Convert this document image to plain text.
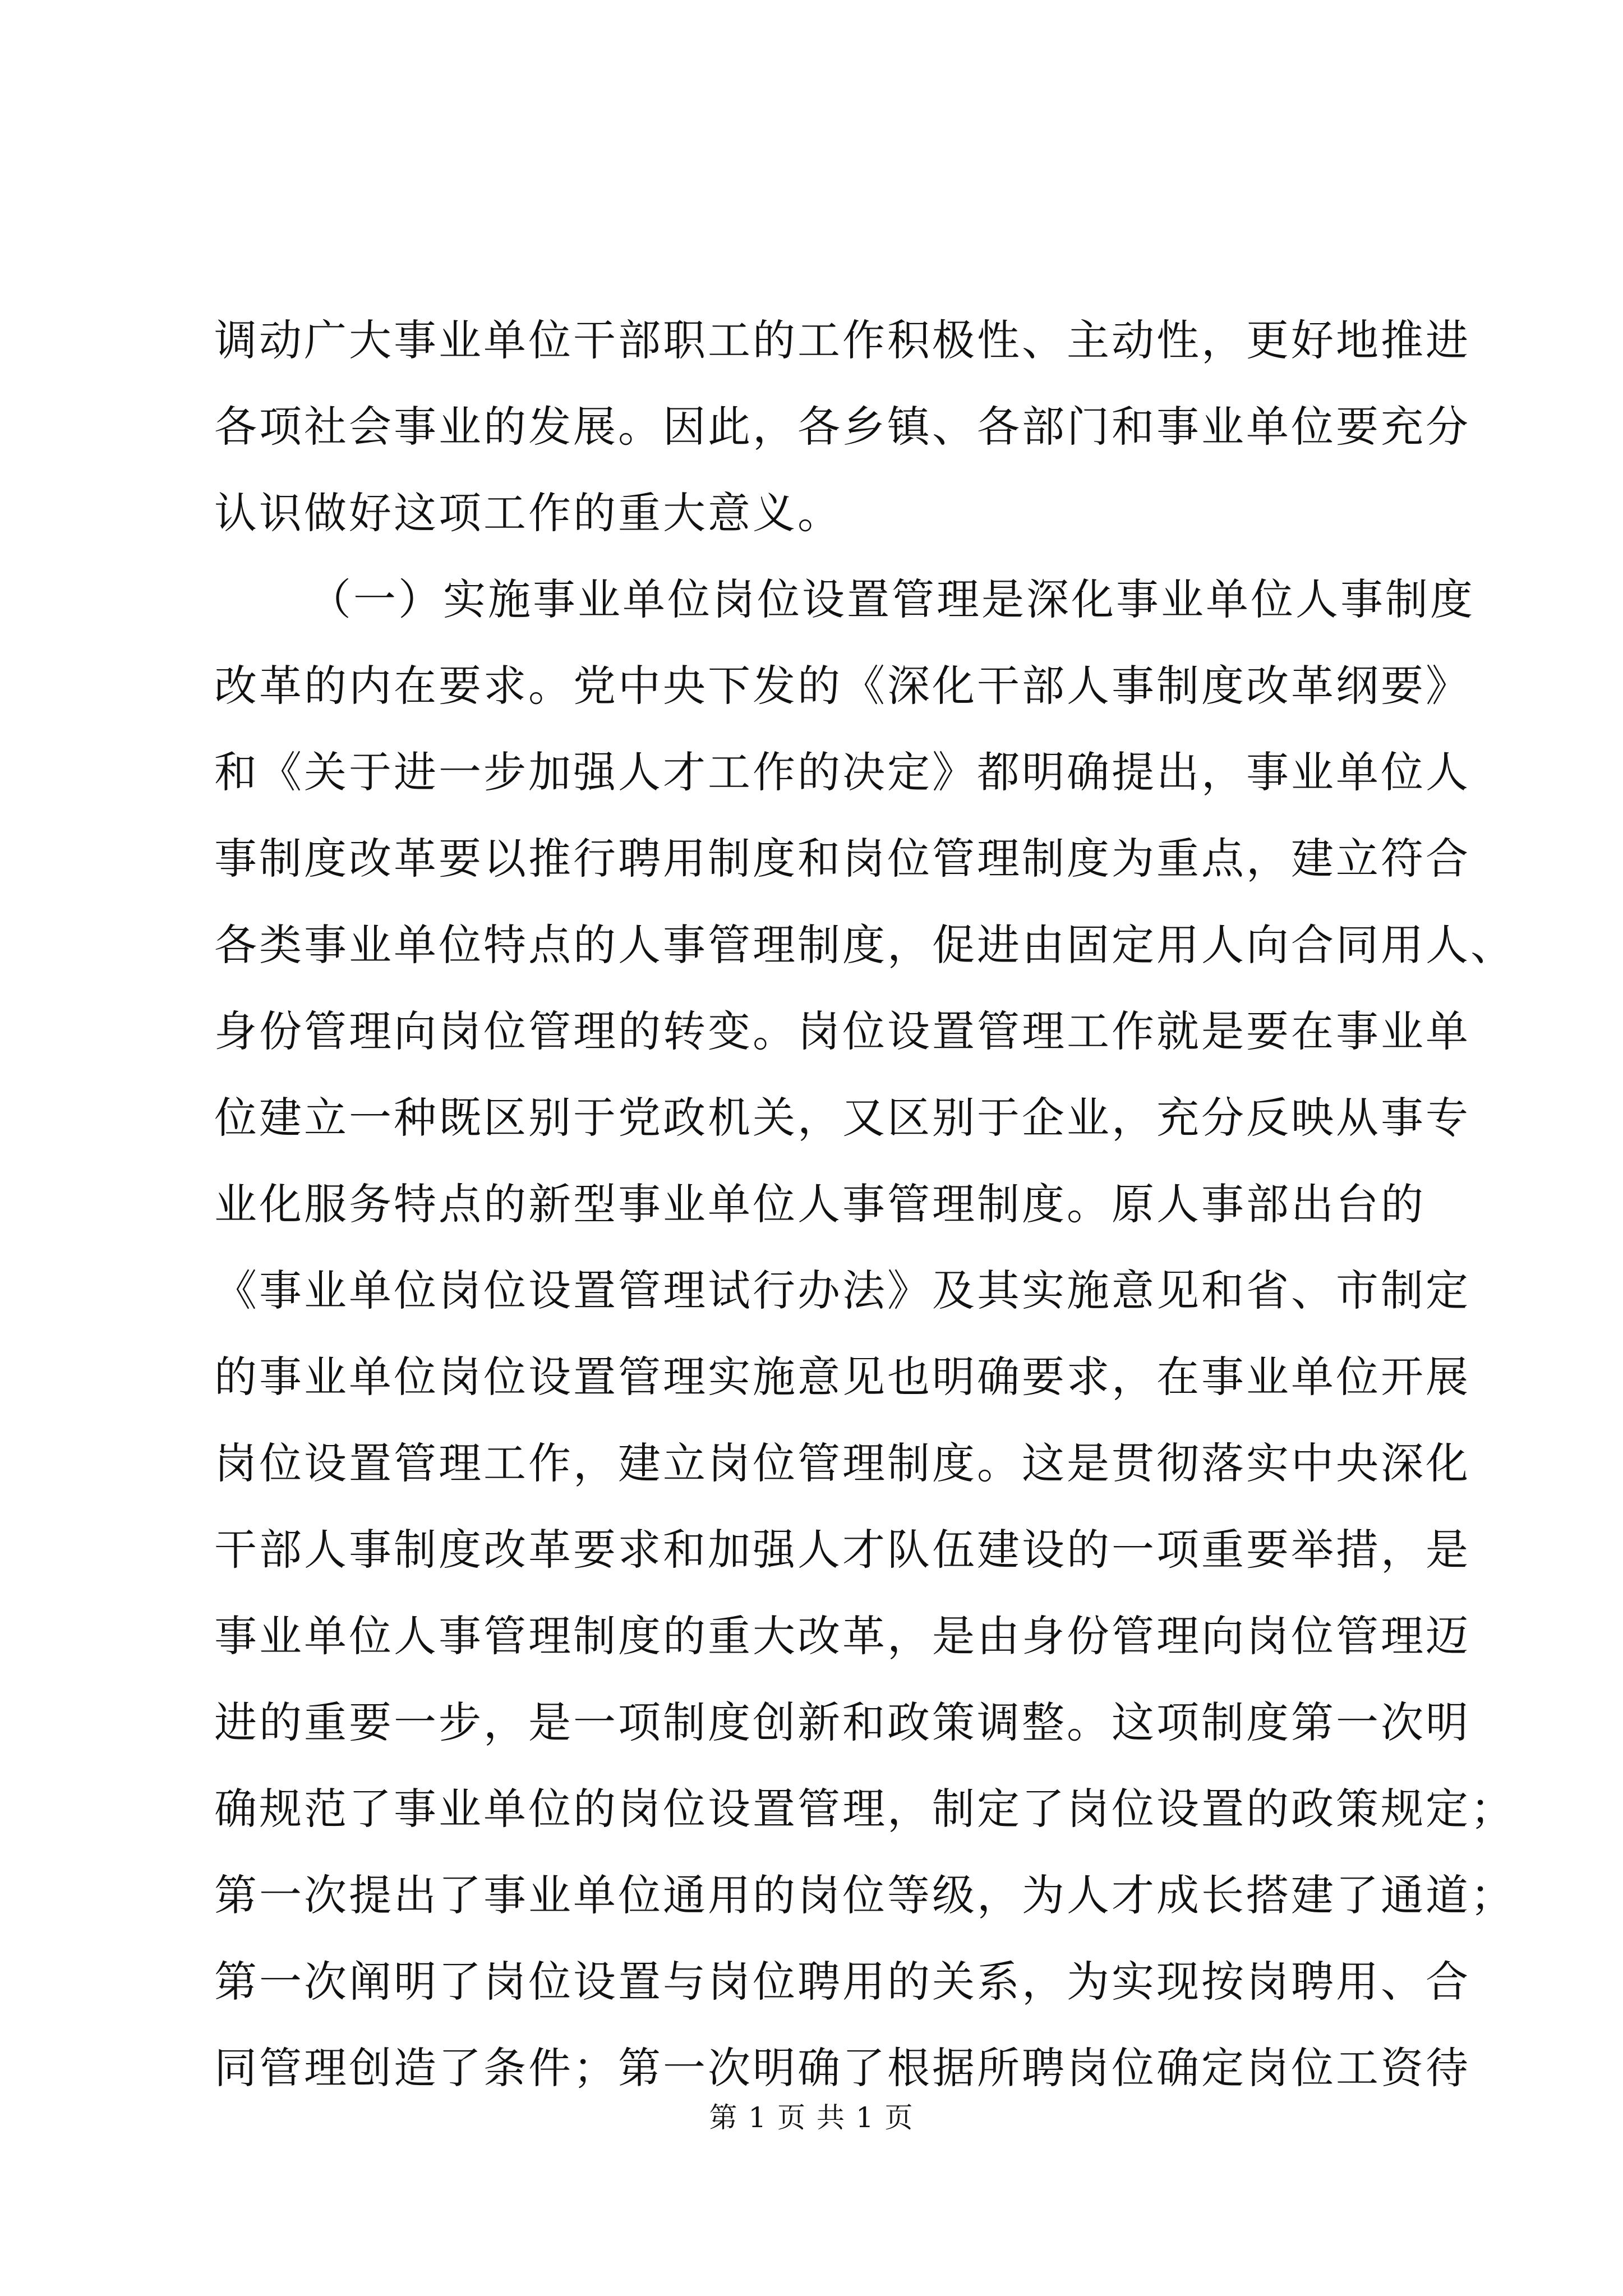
调动广大事业单位干部职工的工作积极性、主动性，更好地推进
各项社会事业的发展。因此，各乡镇、各部门和事业单位要充分
认识做好这项工作的重大意义。
（一）实施事业单位岗位设置管理是深化事业单位人事制度
改革的内在要求。党中央下发的《深化干部人事制度改革纲要》
和《关于进一步加强人才工作的决定》都明确提出，事业单位人
事制度改革要以推行聘用制度和岗位管理制度为重点，建立符合
各类事业单位特点的人事管理制度，促进由固定用人向合同用人、
身份管理向岗位管理的转变。岗位设置管理工作就是要在事业单
位建立一种既区别于党政机关，又区别于企业，充分反映从事专
业化服务特点的新型事业单位人事管理制度。原人事部出台的
《事业单位岗位设置管理试行办法》及其实施意见和省、市制定
的事业单位岗位设置管理实施意见也明确要求，在事业单位开展
岗位设置管理工作，建立岗位管理制度。这是贯彻落实中央深化
干部人事制度改革要求和加强人才队伍建设的一项重要举措，是
事业单位人事管理制度的重大改革，是由身份管理向岗位管理迈
进的重要一步，是一项制度创新和政策调整。这项制度第一次明
确规范了事业单位的岗位设置管理，制定了岗位设置的政策规定；
第一次提出了事业单位通用的岗位等级，为人才成长搭建了通道；
第一次阐明了岗位设置与岗位聘用的关系，为实现按岗聘用、合
同管理创造了条件；第一次明确了根据所聘岗位确定岗位工资待
第 1 页 共 1 页
